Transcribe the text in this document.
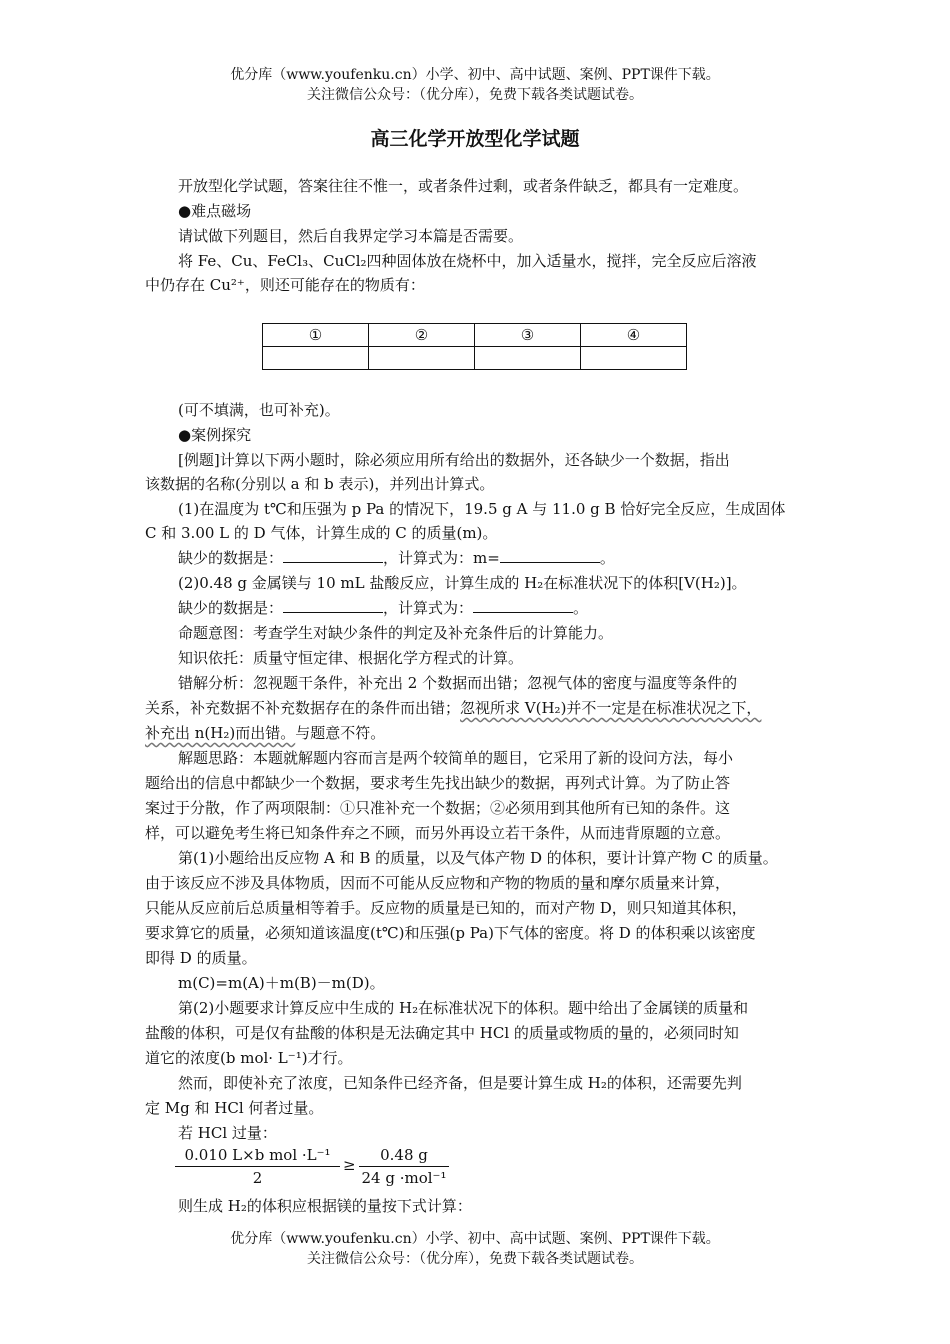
优分库（www.youfenku.cn）小学、初中、高中试题、案例、PPT课件下载。
关注微信公众号：（优分库），免费下载各类试题试卷。
高三化学开放型化学试题
开放型化学试题，答案往往不惟一，或者条件过剩，或者条件缺乏，都具有一定难度。
●难点磁场
请试做下列题目，然后自我界定学习本篇是否需要。
将 Fe、Cu、FeCl₃、CuCl₂四种固体放在烧杯中，加入适量水，搅拌，完全反应后溶液
中仍存在 Cu²⁺，则还可能存在的物质有：
①	②	③	④

(可不填满，也可补充)。
●案例探究
[例题]计算以下两小题时，除必须应用所有给出的数据外，还各缺少一个数据，指出
该数据的名称(分别以 a 和 b 表示)，并列出计算式。
(1)在温度为 t℃和压强为 p Pa 的情况下，19.5 g A 与 11.0 g B 恰好完全反应，生成固体
C 和 3.00 L 的 D 气体，计算生成的 C 的质量(m)。
缺少的数据是：	，计算式为：m=	。
(2)0.48 g 金属镁与 10 mL 盐酸反应，计算生成的 H₂在标准状况下的体积[V(H₂)]。
缺少的数据是：	，计算式为：	。
命题意图：考查学生对缺少条件的判定及补充条件后的计算能力。
知识依托：质量守恒定律、根据化学方程式的计算。
错解分析：忽视题干条件，补充出 2 个数据而出错；忽视气体的密度与温度等条件的
关系，补充数据不补充数据存在的条件而出错；忽视所求 V(H₂)并不一定是在标准状况之下，
补充出 n(H₂)而出错。与题意不符。
解题思路：本题就解题内容而言是两个较简单的题目，它采用了新的设问方法，每小
题给出的信息中都缺少一个数据，要求考生先找出缺少的数据，再列式计算。为了防止答
案过于分散，作了两项限制：①只准补充一个数据；②必须用到其他所有已知的条件。这
样，可以避免考生将已知条件弃之不顾，而另外再设立若干条件，从而违背原题的立意。
第(1)小题给出反应物 A 和 B 的质量，以及气体产物 D 的体积，要计计算产物 C 的质量。
由于该反应不涉及具体物质，因而不可能从反应物和产物的物质的量和摩尔质量来计算，
只能从反应前后总质量相等着手。反应物的质量是已知的，而对产物 D，则只知道其体积，
要求算它的质量，必须知道该温度(t℃)和压强(p Pa)下气体的密度。将 D 的体积乘以该密度
即得 D 的质量。
m(C)=m(A)＋m(B)－m(D)。
第(2)小题要求计算反应中生成的 H₂在标准状况下的体积。题中给出了金属镁的质量和
盐酸的体积，可是仅有盐酸的体积是无法确定其中 HCl 的质量或物质的量的，必须同时知
道它的浓度(b mol· L⁻¹)才行。
然而，即使补充了浓度，已知条件已经齐备，但是要计算生成 H₂的体积，还需要先判
定 Mg 和 HCl 何者过量。
若 HCl 过量：
0.010 L×b mol ·L⁻¹
2
≥
0.48 g
24 g ·mol⁻¹
则生成 H₂的体积应根据镁的量按下式计算：
优分库（www.youfenku.cn）小学、初中、高中试题、案例、PPT课件下载。
关注微信公众号：（优分库），免费下载各类试题试卷。
